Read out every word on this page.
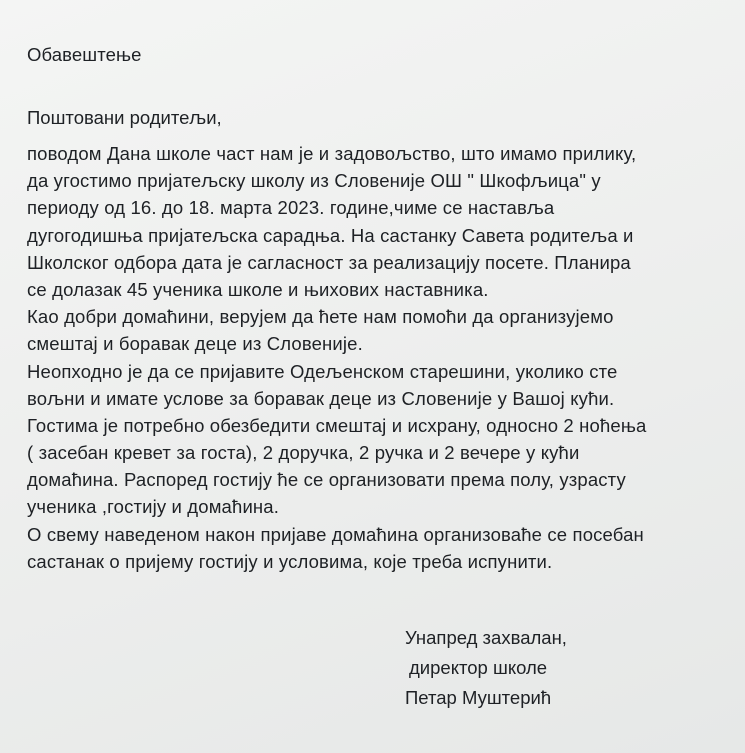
Обавештење
Поштовани родитељи,
поводом Дана школе част нам је и задовољство, што имамо прилику,
да угостимо пријатељску школу из Словеније ОШ " Шкофљица" у
периоду од 16. до 18. марта 2023. године,чиме се наставља
дугогодишња пријатељска сарадња. На састанку Савета родитеља и
Школског одбора дата је сагласност за реализацију посете. Планира
се долазак 45 ученика школе и њихових наставника.
Као добри домаћини, верујем да ћете нам помоћи да организујемо
смештај и боравак деце из Словеније.
Неопходно је да се пријавите Одељенском старешини, уколико сте
вољни и имате услове за боравак деце из Словеније у Вашој кући.
Гостима је потребно обезбедити смештај и исхрану, односно 2 ноћења
( засебан кревет за госта), 2 доручка, 2 ручка и 2 вечере у кући
домаћина. Распоред гостију ће се организовати према полу, узрасту
ученика ,гостију и домаћина.
О свему наведеном након пријаве домаћина организоваће се посебан
састанак о пријему гостију и условима, које треба испунити.
Унапред захвалан,
директор школе
Петар Муштерић
